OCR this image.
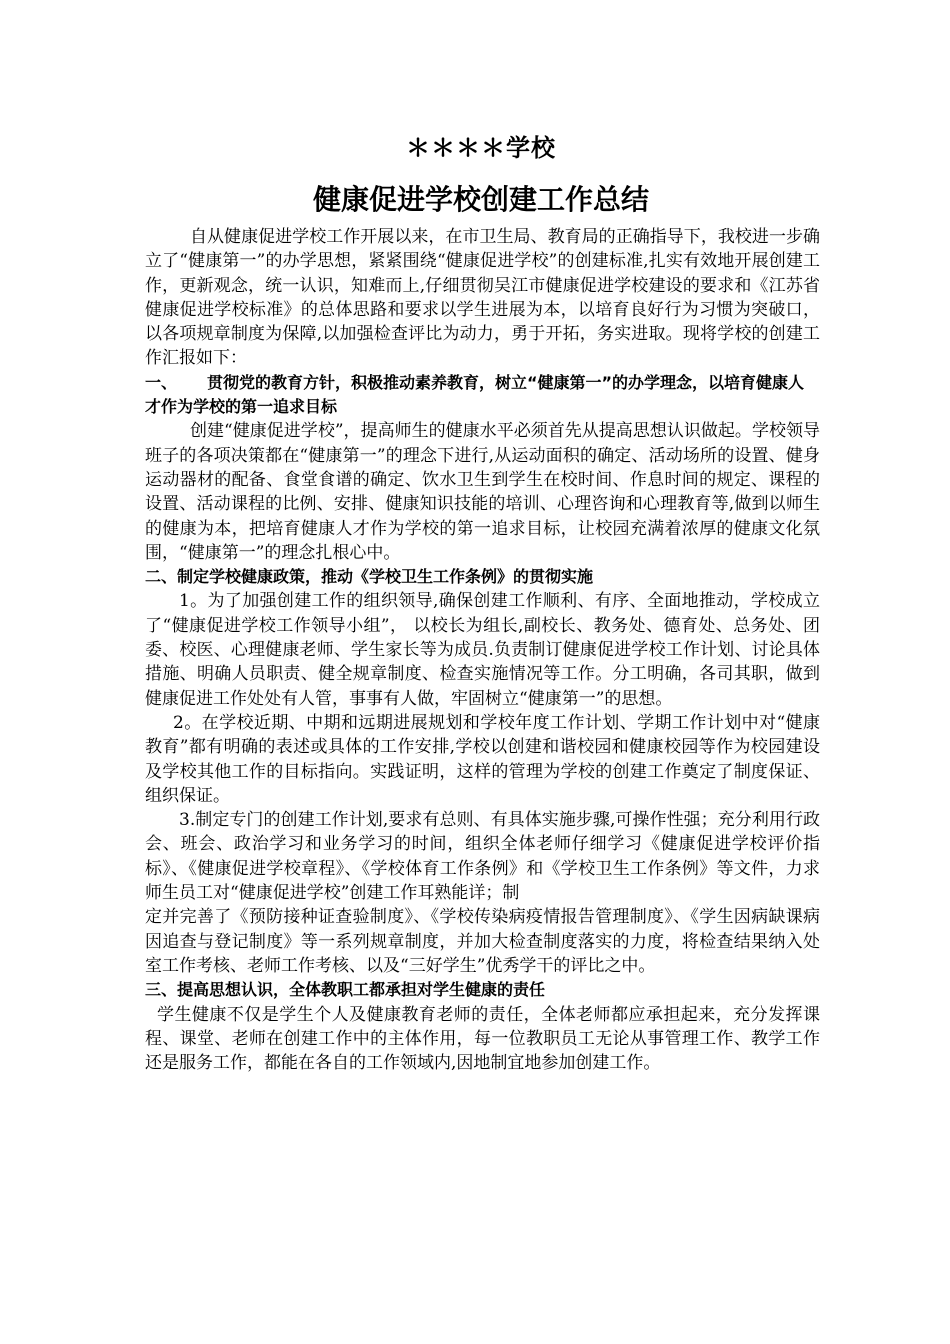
＊＊＊＊学校
健康促进学校创建工作总结

自从健康促进学校工作开展以来，在市卫生局、教育局的正确指导下，我校进一步确立了“健康第一”的办学思想，紧紧围绕“健康促进学校”的创建标准,扎实有效地开展创建工作，更新观念，统一认识，知难而上,仔细贯彻吴江市健康促进学校建设的要求和《江苏省健康促进学校标准》的总体思路和要求以学生进展为本，以培育良好行为习惯为突破口，以各项规章制度为保障,以加强检查评比为动力，勇于开拓，务实进取。现将学校的创建工作汇报如下：

一、 贯彻党的教育方针，积极推动素养教育，树立“健康第一”的办学理念，以培育健康人才作为学校的第一追求目标

创建“健康促进学校”，提高师生的健康水平必须首先从提高思想认识做起。学校领导班子的各项决策都在“健康第一”的理念下进行,从运动面积的确定、活动场所的设置、健身运动器材的配备、食堂食谱的确定、饮水卫生到学生在校时间、作息时间的规定、课程的设置、活动课程的比例、安排、健康知识技能的培训、心理咨询和心理教育等,做到以师生的健康为本，把培育健康人才作为学校的第一追求目标，让校园充满着浓厚的健康文化氛围，“健康第一”的理念扎根心中。

二、制定学校健康政策，推动《学校卫生工作条例》的贯彻实施

1。为了加强创建工作的组织领导,确保创建工作顺利、有序、全面地推动，学校成立了“健康促进学校工作领导小组”， 以校长为组长,副校长、教务处、德育处、总务处、团委、校医、心理健康老师、学生家长等为成员.负责制订健康促进学校工作计划、讨论具体措施、明确人员职责、健全规章制度、检查实施情况等工作。分工明确，各司其职，做到健康促进工作处处有人管，事事有人做，牢固树立“健康第一”的思想。

2。在学校近期、中期和远期进展规划和学校年度工作计划、学期工作计划中对“健康教育”都有明确的表述或具体的工作安排,学校以创建和谐校园和健康校园等作为校园建设及学校其他工作的目标指向。实践证明，这样的管理为学校的创建工作奠定了制度保证、组织保证。

3.制定专门的创建工作计划,要求有总则、有具体实施步骤,可操作性强；充分利用行政会、班会、政治学习和业务学习的时间，组织全体老师仔细学习《健康促进学校评价指标》、《健康促进学校章程》、《学校体育工作条例》和《学校卫生工作条例》等文件，力求师生员工对“健康促进学校”创建工作耳熟能详；制

定并完善了《预防接种证查验制度》、《学校传染病疫情报告管理制度》、《学生因病缺课病因追查与登记制度》等一系列规章制度，并加大检查制度落实的力度，将检查结果纳入处室工作考核、老师工作考核、以及“三好学生”优秀学干的评比之中。

三、提高思想认识，全体教职工都承担对学生健康的责任

学生健康不仅是学生个人及健康教育老师的责任，全体老师都应承担起来，充分发挥课程、课堂、老师在创建工作中的主体作用，每一位教职员工无论从事管理工作、教学工作还是服务工作，都能在各自的工作领域内,因地制宜地参加创建工作。
